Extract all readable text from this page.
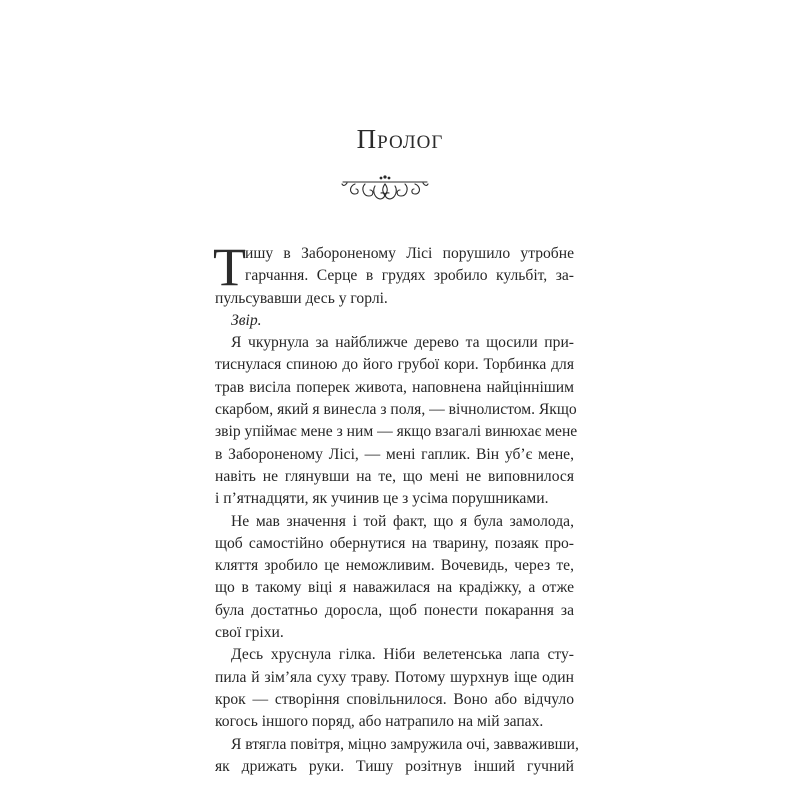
Пролог
Т ишу в Забороненому Лісі порушило утробне
гарчання. Серце в грудях зробило кульбіт, за-
пульсувавши десь у горлі.
Звір.
Я чкурнула за найближче дерево та щосили при-
тиснулася спиною до його грубої кори. Торбинка для
трав висіла поперек живота, наповнена найціннішим
скарбом, який я винесла з поля, — вічнолистом. Якщо
звір упіймає мене з ним — якщо взагалі винюхає мене
в Забороненому Лісі, — мені гаплик. Він уб’є мене,
навіть не глянувши на те, що мені не виповнилося
і п’ятнадцяти, як учинив це з усіма порушниками.
Не мав значення і той факт, що я була замолода,
щоб самостійно обернутися на тварину, позаяк про-
кляття зробило це неможливим. Вочевидь, через те,
що в такому віці я наважилася на крадіжку, а отже
була достатньо доросла, щоб понести покарання за
свої гріхи.
Десь хруснула гілка. Ніби велетенська лапа сту-
пила й зім’яла суху траву. Потому шурхнув іще один
крок — створіння сповільнилося. Воно або відчуло
когось іншого поряд, або натрапило на мій запах.
Я втягла повітря, міцно замружила очі, завваживши,
як дрижать руки. Тишу розітнув інший гучний
